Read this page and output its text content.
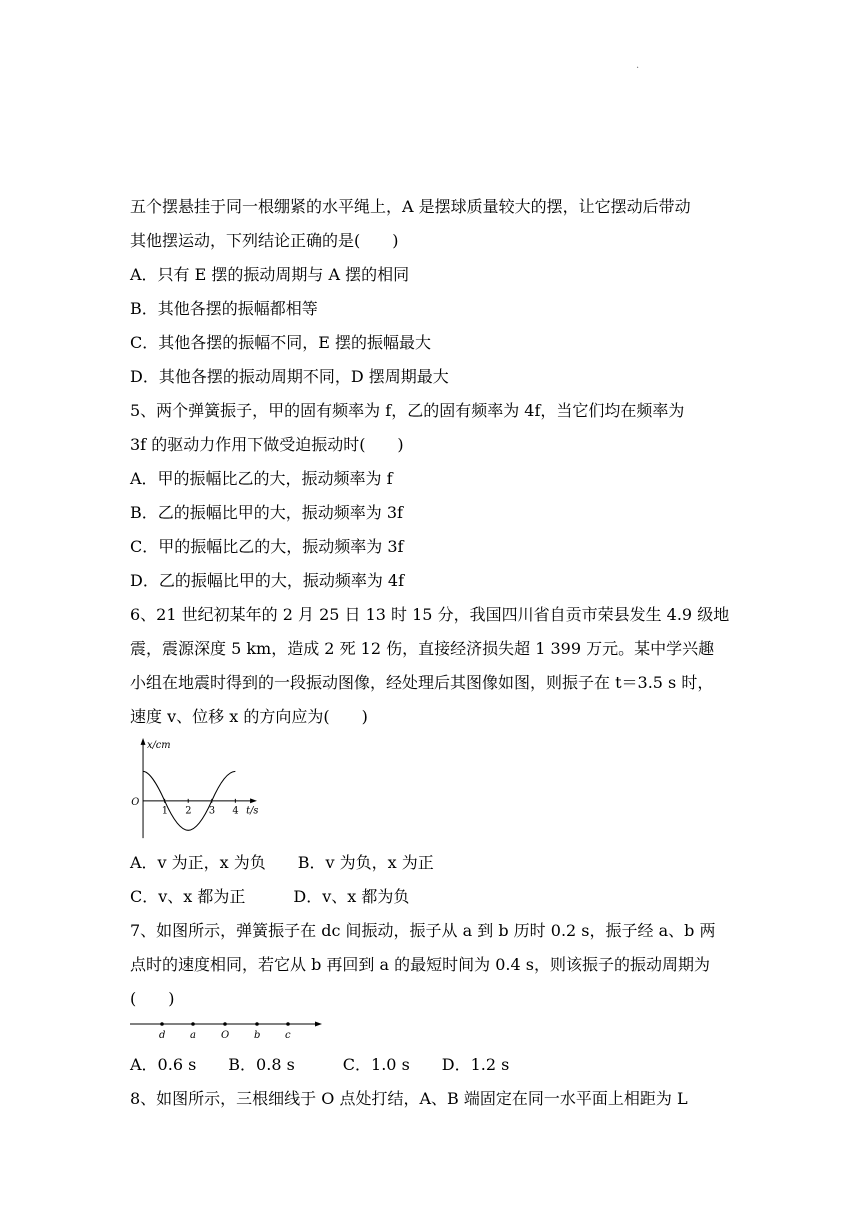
.
五个摆悬挂于同一根绷紧的水平绳上，A 是摆球质量较大的摆，让它摆动后带动
其他摆运动，下列结论正确的是(　　)
A．只有 E 摆的振动周期与 A 摆的相同
B．其他各摆的振幅都相等
C．其他各摆的振幅不同，E 摆的振幅最大
D．其他各摆的振动周期不同，D 摆周期最大
5、两个弹簧振子，甲的固有频率为 f，乙的固有频率为 4f，当它们均在频率为
3f 的驱动力作用下做受迫振动时(　　)
A．甲的振幅比乙的大，振动频率为 f
B．乙的振幅比甲的大，振动频率为 3f
C．甲的振幅比乙的大，振动频率为 3f
D．乙的振幅比甲的大，振动频率为 4f
6、21 世纪初某年的 2 月 25 日 13 时 15 分，我国四川省自贡市荣县发生 4.9 级地
震，震源深度 5 km，造成 2 死 12 伤，直接经济损失超 1 399 万元。某中学兴趣
小组在地震时得到的一段振动图像，经处理后其图像如图，则振子在 t＝3.5 s 时，
速度 v、位移 x 的方向应为(　　)
x/cm
O
1 2 3 4 t/s
A．v 为正，x 为负　　B．v 为负，x 为正
C．v、x 都为正　　　D．v、x 都为负
7、如图所示，弹簧振子在 dc 间振动，振子从 a 到 b 历时 0.2 s，振子经 a、b 两
点时的速度相同，若它从 b 再回到 a 的最短时间为 0.4 s，则该振子的振动周期为
(　　)
d a	O b c
A．0.6 s　　B．0.8 s　　　C．1.0 s　　D．1.2 s
8、如图所示，三根细线于 O 点处打结，A、B 端固定在同一水平面上相距为 L
